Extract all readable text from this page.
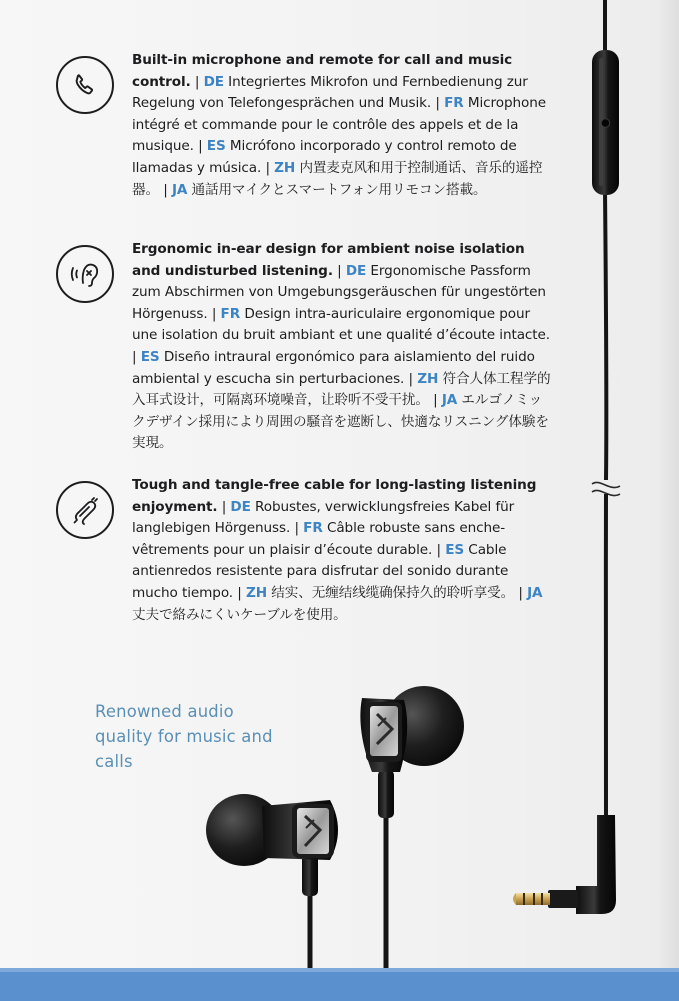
Built-in microphone and remote for call and music control. | DE Integriertes Mikrofon und Fernbedienung zur Regelung von Telefongesprächen und Musik. | FR Microphone intégré et commande pour le contrôle des appels et de la musique. | ES Micrófono incorporado y control remoto de llamadas y música. | ZH 内置麦克风和用于控制通话、音乐的遥控器。 | JA 通話用マイクとスマートフォン用リモコン搭載。

Ergonomic in-ear design for ambient noise isolation and undisturbed listening. | DE Ergonomische Passform zum Abschirmen von Umgebungsgeräuschen für ungestörten Hörgenuss. | FR Design intra-auriculaire ergonomique pour une isolation du bruit ambiant et une qualité d’écoute intacte. | ES Diseño intraural ergonómico para aislamiento del ruido ambiental y escucha sin perturbaciones. | ZH 符合人体工程学的入耳式设计，可隔离环境噪音，让聆听不受干扰。 | JA エルゴノミックデザイン採用により周囲の騒音を遮断し、快適なリスニング体験を実現。

Tough and tangle-free cable for long-lasting listening enjoyment. | DE Robustes, verwicklungsfreies Kabel für langlebigen Hörgenuss. | FR Câble robuste sans enchevêtrements pour un plaisir d’écoute durable. | ES Cable antienredos resistente para disfrutar del sonido durante mucho tiempo. | ZH 结实、无缠结线缆确保持久的聆听享受。 | JA 丈夫で絡みにくいケーブルを使用。

Renowned audio quality for music and calls
